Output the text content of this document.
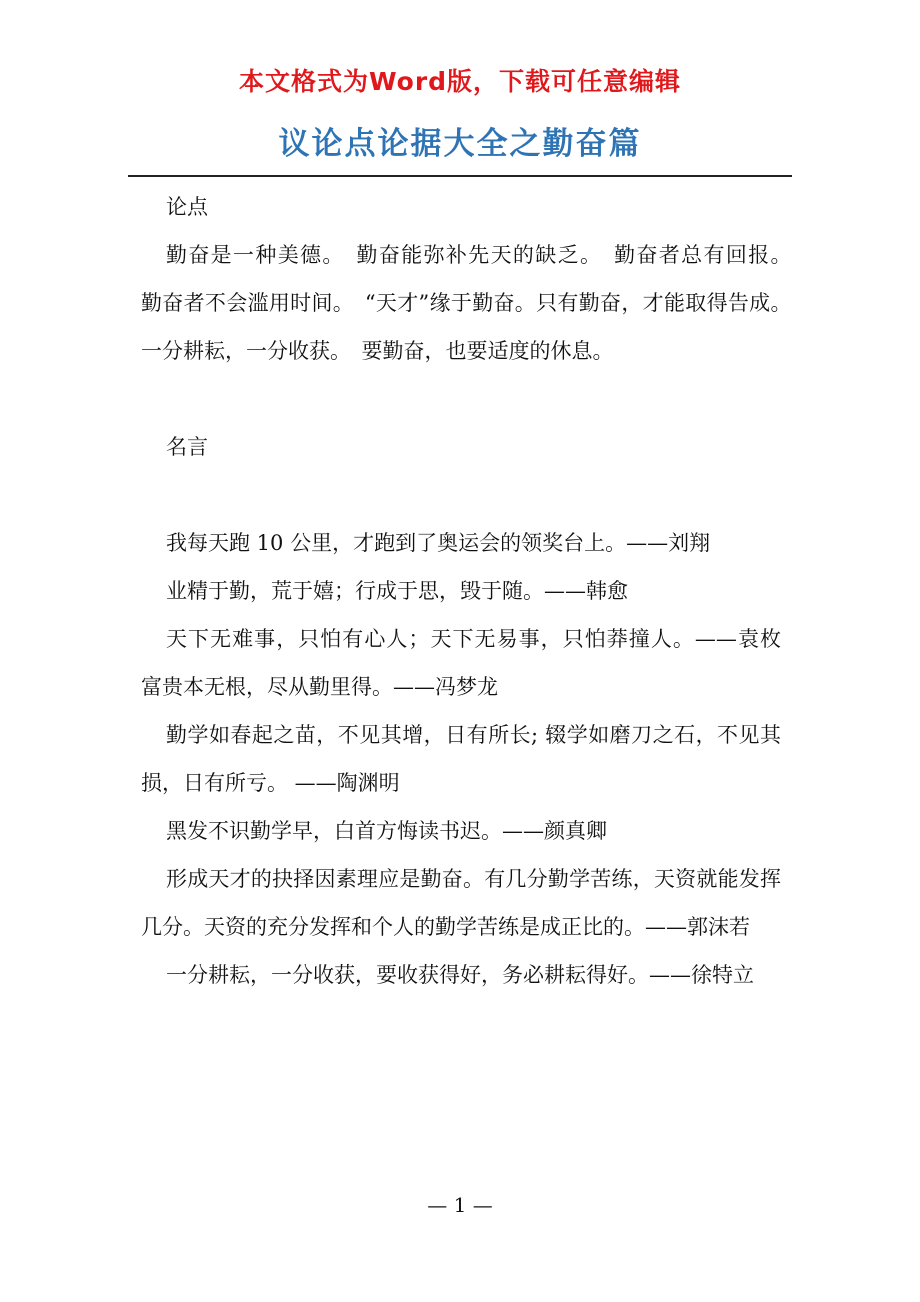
本文格式为Word版，下载可任意编辑
议论点论据大全之勤奋篇

论点

勤奋是一种美德。　勤奋能弥补先天的缺乏。　勤奋者总有回报。　勤奋者不会滥用时间。　“天才”缘于勤奋。只有勤奋，才能取得告成。　一分耕耘，一分收获。　要勤奋，也要适度的休息。

名言

我每天跑 10 公里，才跑到了奥运会的领奖台上。——刘翔

业精于勤，荒于嬉；行成于思，毁于随。——韩愈

天下无难事，只怕有心人；天下无易事，只怕莽撞人。——袁枚　富贵本无根，尽从勤里得。——冯梦龙

勤学如春起之苗，不见其增，日有所长; 辍学如磨刀之石，不见其损，日有所亏。 ——陶渊明

黑发不识勤学早，白首方悔读书迟。——颜真卿

形成天才的抉择因素理应是勤奋。有几分勤学苦练，天资就能发挥几分。天资的充分发挥和个人的勤学苦练是成正比的。——郭沫若

一分耕耘，一分收获，要收获得好，务必耕耘得好。——徐特立

— 1 —
